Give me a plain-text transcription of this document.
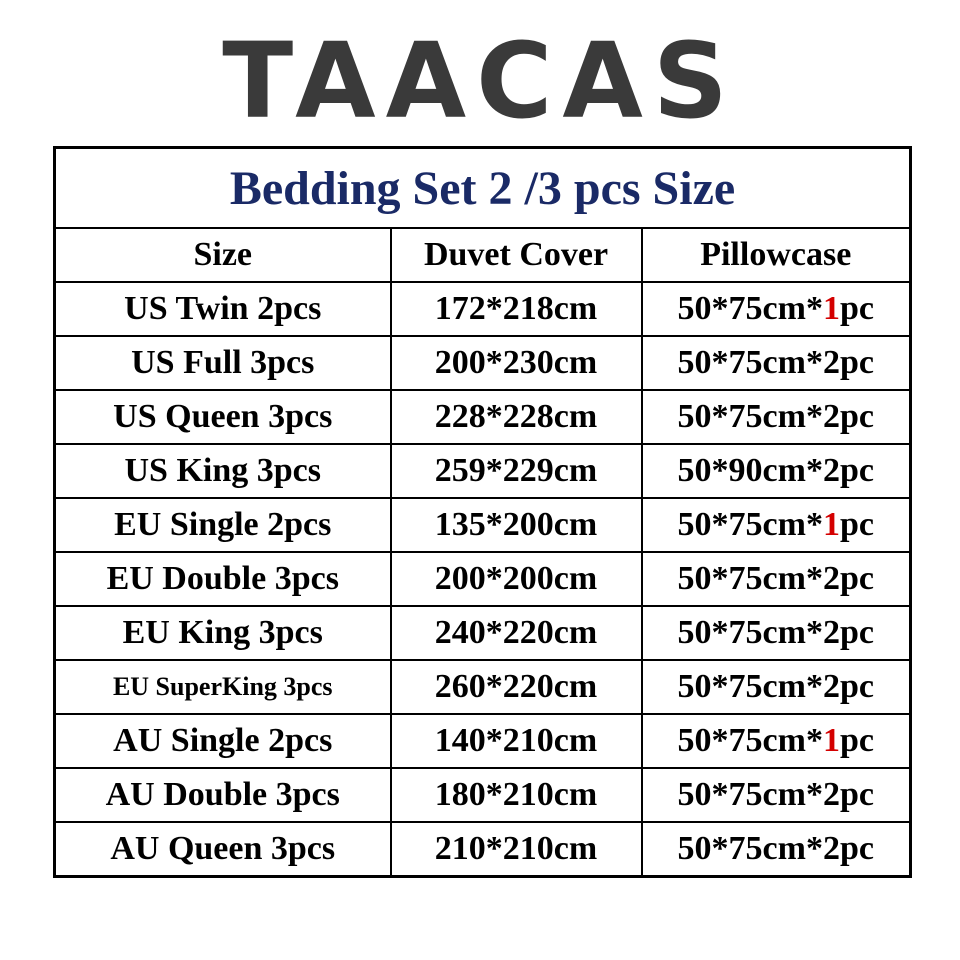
TAACAS
Bedding Set 2 /3 pcs Size		
Size	Duvet Cover	Pillowcase
US Twin 2pcs	172*218cm	50*75cm*1pc
US Full 3pcs	200*230cm	50*75cm*2pc
US Queen 3pcs	228*228cm	50*75cm*2pc
US King 3pcs	259*229cm	50*90cm*2pc
EU Single 2pcs	135*200cm	50*75cm*1pc
EU Double 3pcs	200*200cm	50*75cm*2pc
EU King 3pcs	240*220cm	50*75cm*2pc
EU SuperKing 3pcs	260*220cm	50*75cm*2pc
AU Single 2pcs	140*210cm	50*75cm*1pc
AU Double 3pcs	180*210cm	50*75cm*2pc
AU Queen 3pcs	210*210cm	50*75cm*2pc
